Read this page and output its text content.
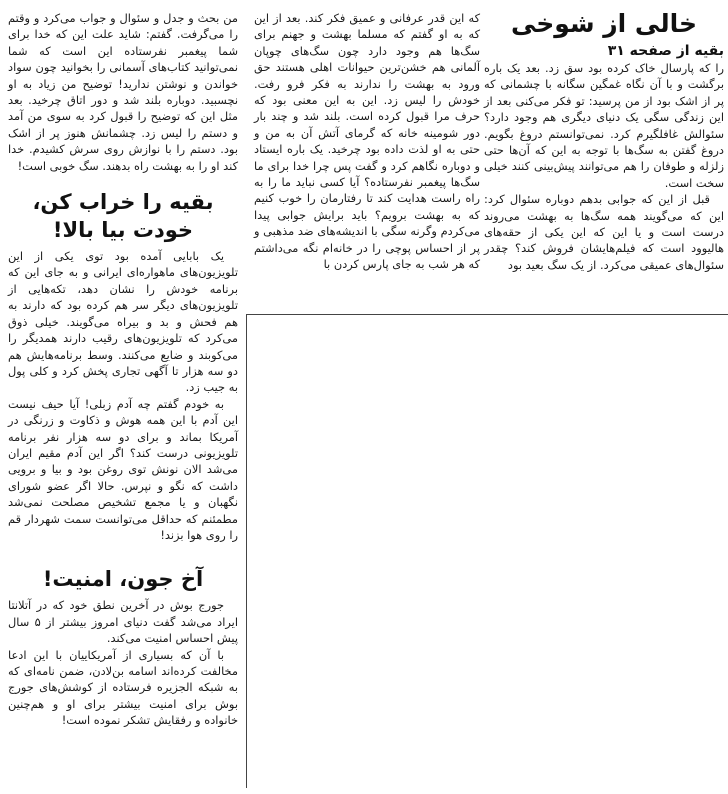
خالی از شوخی
بقیه از صفحه ۳۱

را که پارسال خاک کرده بود سق زد. بعد یک باره برگشت و با آن نگاه غمگین سگانه با چشمانی که پر از اشک بود از من پرسید: تو فکر می‌کنی بعد از این زندگی سگی یک دنیای دیگری هم وجود دارد؟ سئوالش غافلگیرم کرد. نمی‌توانستم دروغ بگویم. دروغ گفتن به سگ‌ها با توجه به این که آن‌ها حتی زلزله و طوفان را هم می‌توانند پیش‌بینی کنند خیلی سخت است.

قبل از این که جوابی بدهم دوباره سئوال کرد: این که می‌گویند همه سگ‌ها به بهشت می‌روند درست است و یا این که این یکی از حقه‌های هالیوود است که فیلم‌هایشان فروش کند؟ چقدر سئوال‌های عمیقی می‌کرد. از یک سگ بعید بود

که این قدر عرفانی و عمیق فکر کند. بعد از این که به او گفتم که مسلما بهشت و جهنم برای سگ‌ها هم وجود دارد چون سگ‌های چوپان آلمانی هم خشن‌ترین حیوانات اهلی هستند حق ورود به بهشت را ندارند به فکر فرو رفت. خودش را لیس زد. این به این معنی بود که حرف مرا قبول کرده است. بلند شد و چند بار دور شومینه خانه که گرمای آتش آن به من و حتی به او لذت داده بود چرخید. یک باره ایستاد و دوباره نگاهم کرد و گفت پس چرا خدا برای ما سگ‌ها پیغمبر نفرستاده؟ آیا کسی نباید ما را به راه راست هدایت کند تا رفتارمان را خوب کنیم که به بهشت برویم؟ باید برایش جوابی پیدا می‌کردم وگرنه سگی با اندیشه‌های ضد مذهبی و پر از احساس پوچی را در خانه‌ام نگه می‌داشتم که هر شب به جای پارس کردن با

من بحث و جدل و سئوال و جواب می‌کرد و وقتم را می‌گرفت. گفتم: شاید علت این که خدا برای شما پیغمبر نفرستاده این است که شما نمی‌توانید کتاب‌های آسمانی را بخوانید چون سواد خواندن و نوشتن ندارید! توضیح من زیاد به او نچسبید. دوباره بلند شد و دور اتاق چرخید. بعد مثل این که توضیح را قبول کرد به سوی من آمد و دستم را لیس زد. چشمانش هنوز پر از اشک بود. دستم را با نوازش روی سرش کشیدم. خدا کند او را به بهشت راه بدهند. سگ خوبی است!

بقیه را خراب کن،
خودت بیا بالا!

یک بابایی آمده بود توی یکی از این تلویزیون‌های ماهواره‌ای ایرانی و به جای این که برنامه خودش را نشان دهد، تکه‌هایی از تلویزیون‌های دیگر سر هم کرده بود که دارند به هم فحش و بد و بیراه می‌گویند. خیلی ذوق می‌کرد که تلویزیون‌های رقیب دارند همدیگر را می‌کوبند و ضایع می‌کنند. وسط برنامه‌هایش هم دو سه هزار تا آگهی تجاری پخش کرد و کلی پول به جیب زد.

به خودم گفتم چه آدم زبلی! آیا حیف نیست این آدم با این همه هوش و ذکاوت و زرنگی در آمریکا بماند و برای دو سه هزار نفر برنامه تلویزیونی درست کند؟ اگر این آدم مقیم ایران می‌شد الان نونش توی روغن بود و بیا و برویی داشت که نگو و نپرس. حالا اگر عضو شورای نگهبان و یا مجمع تشخیص مصلحت نمی‌شد مطمئنم که حداقل می‌توانست سمت شهردار قم را روی هوا بزند!

آخ جون، امنیت!

جورج بوش در آخرین نطق خود که در آتلانتا ایراد می‌شد گفت دنیای امروز بیشتر از ۵ سال پیش احساس امنیت می‌کند.

با آن که بسیاری از آمریکاییان با این ادعا مخالفت کرده‌اند اسامه بن‌لادن، ضمن نامه‌ای که به شبکه الجزیره فرستاده از کوشش‌های جورج بوش برای امنیت بیشتر برای او و هم‌چنین خانواده و رفقایش تشکر نموده است!
